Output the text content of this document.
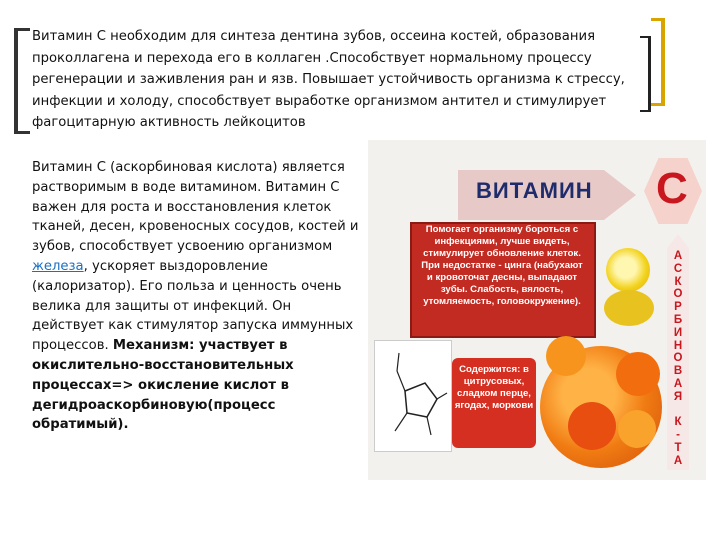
Витамин С необходим для синтеза дентина зубов, оссеина костей, образования проколлагена и перехода его в коллаген .Способствует нормальному процессу регенерации и заживления ран и язв. Повышает устойчивость организма к стрессу, инфекции и холоду, способствует выработке организмом антител и стимулирует фагоцитарную активность лейкоцитов
Витамин С (аскорбиновая кислота) является растворимым в воде витамином. Витамин С важен для роста и восстановления клеток тканей, десен, кровеносных сосудов, костей и зубов, способствует усвоению организмом железа, ускоряет выздоровление (калоризатор). Его польза и ценность очень велика для защиты от инфекций. Он действует как стимулятор запуска иммунных процессов. Механизм: участвует в окислительно-восстановительных процессах=> окисление кислот в дегидроаскорбиновую(процесс обратимый).
ВИТАМИН C
А
С
К
О
Р
Б
И
Н
О
В
А
Я

К
-
Т
А
Помогает организму бороться с инфекциями, лучше видеть, стимулирует обновление клеток. При недостатке - цинга (набухают и кровоточат десны, выпадают зубы. Слабость, вялость, утомляемость, головокружение).
Содержится: в цитрусовых, сладком перце, ягодах, моркови
